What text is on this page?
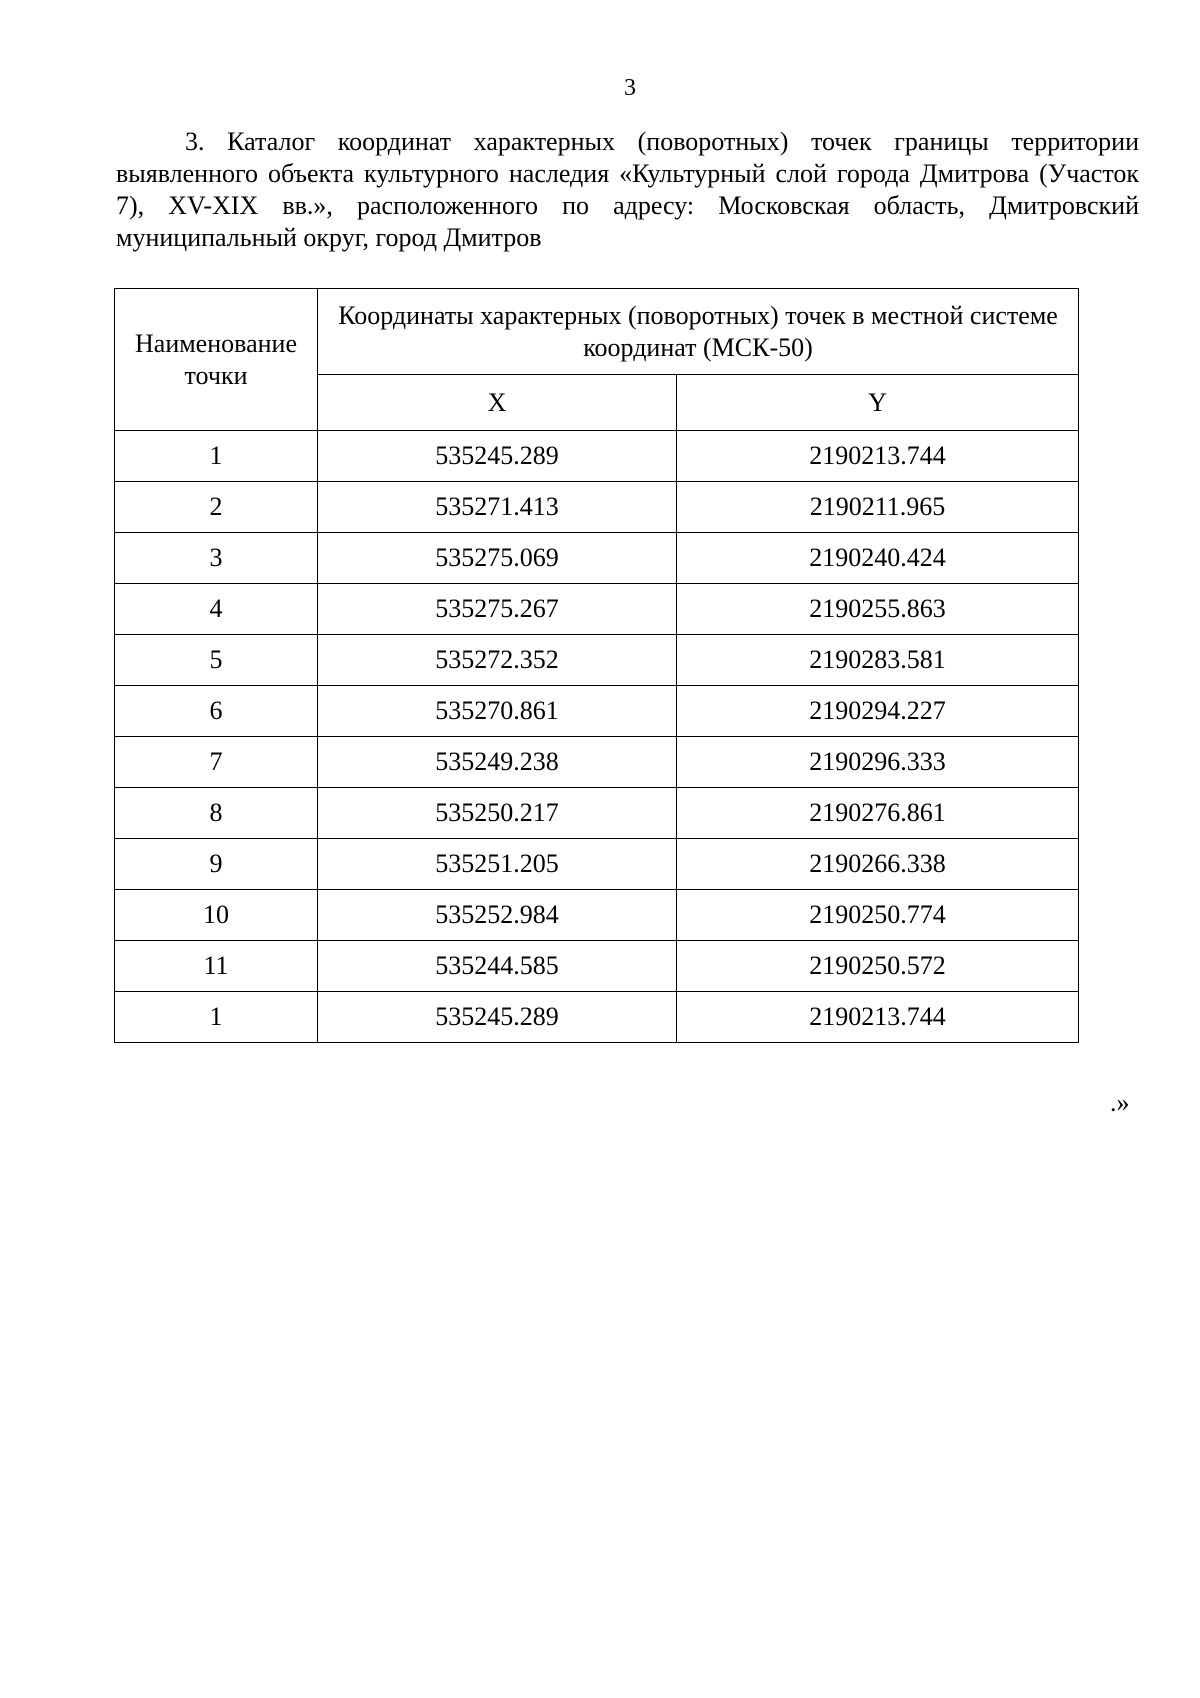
3

3. Каталог координат характерных (поворотных) точек границы территории выявленного объекта культурного наследия «Культурный слой города Дмитрова (Участок 7), XV-XIX вв.», расположенного по адресу: Московская область, Дмитровский муниципальный округ, город Дмитров

Наименование точки	Координаты характерных (поворотных) точек в местной системе координат (МСК-50)	
	X	Y
1	535245.289	2190213.744
2	535271.413	2190211.965
3	535275.069	2190240.424
4	535275.267	2190255.863
5	535272.352	2190283.581
6	535270.861	2190294.227
7	535249.238	2190296.333
8	535250.217	2190276.861
9	535251.205	2190266.338
10	535252.984	2190250.774
11	535244.585	2190250.572
1	535245.289	2190213.744
.»
